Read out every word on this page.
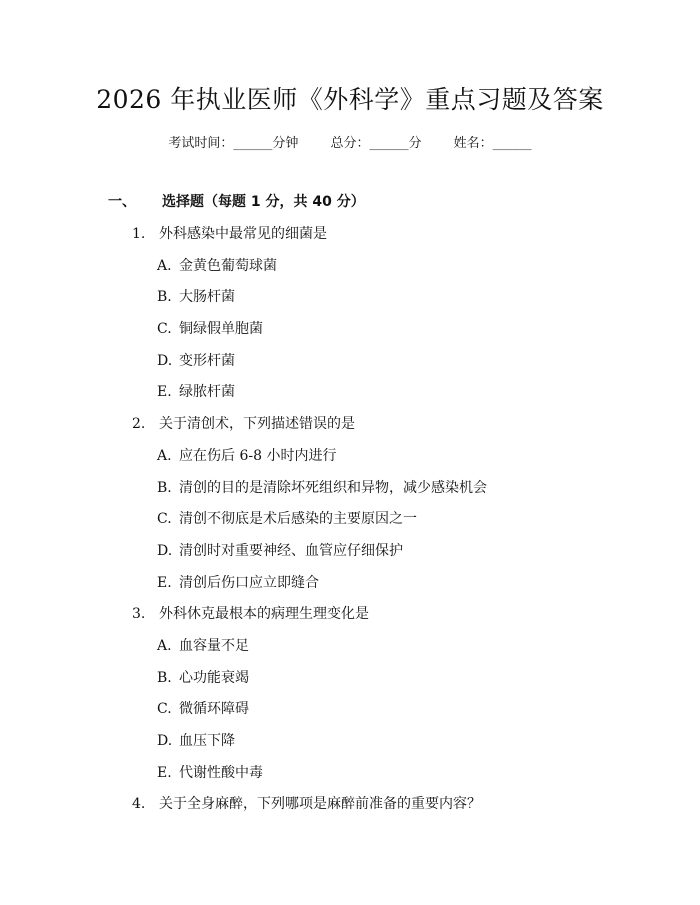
2026 年执业医师《外科学》重点习题及答案
考试时间：______分钟 总分：______分 姓名：______
一、 选择题（每题 1 分，共 40 分）
1. 外科感染中最常见的细菌是
A. 金黄色葡萄球菌
B. 大肠杆菌
C. 铜绿假单胞菌
D. 变形杆菌
E. 绿脓杆菌
2. 关于清创术，下列描述错误的是
A. 应在伤后 6-8 小时内进行
B. 清创的目的是清除坏死组织和异物，减少感染机会
C. 清创不彻底是术后感染的主要原因之一
D. 清创时对重要神经、血管应仔细保护
E. 清创后伤口应立即缝合
3. 外科休克最根本的病理生理变化是
A. 血容量不足
B. 心功能衰竭
C. 微循环障碍
D. 血压下降
E. 代谢性酸中毒
4. 关于全身麻醉，下列哪项是麻醉前准备的重要内容？
